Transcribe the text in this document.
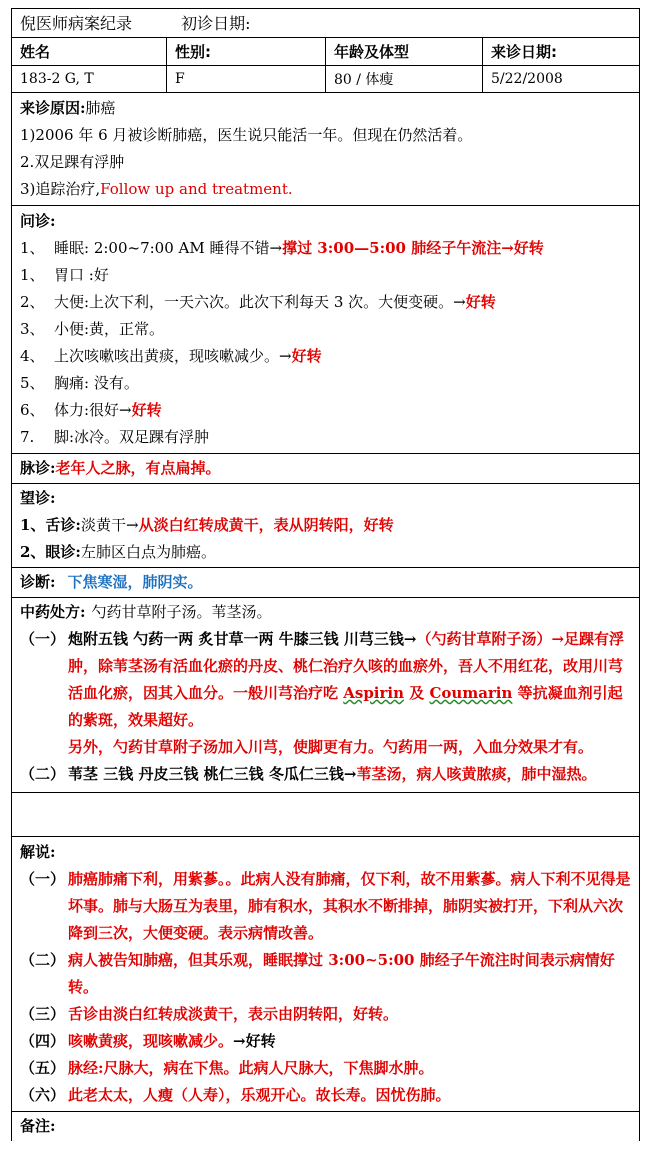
倪医师病案纪录	初诊日期:
姓名	性别:	年龄及体型	来诊日期:
183-2 G, T	F	80 / 体瘦	5/22/2008
来诊原因:肺癌
1)2006 年 6 月被诊断肺癌，医生说只能活一年。但现在仍然活着。
2.双足踝有浮肿
3)追踪治疗,Follow up and treatment.
问诊:
1、 睡眠: 2:00~7:00 AM 睡得不错→撑过 3:00—5:00 肺经子午流注→好转
1、 胃口 :好
2、 大便:上次下利，一天六次。此次下利每天 3 次。大便变硬。→好转
3、 小便:黄，正常。
4、 上次咳嗽咳出黄痰，现咳嗽减少。→好转
5、 胸痛: 没有。
6、 体力:很好→好转
7. 脚:冰冷。双足踝有浮肿
脉诊:老年人之脉，有点扁掉。
望诊:
1、舌诊:淡黄干→从淡白红转成黄干，表从阴转阳，好转
2、眼诊:左肺区白点为肺癌。
诊断: 下焦寒湿，肺阴实。
中药处方: 勺药甘草附子汤。苇茎汤。
（一） 炮附五钱 勺药一两 炙甘草一两 牛膝三钱 川芎三钱→（勺药甘草附子汤）→足踝有浮肿，除苇茎汤有活血化瘀的丹皮、桃仁治疗久咳的血瘀外，吾人不用红花，改用川芎活血化瘀，因其入血分。一般川芎治疗吃 Aspirin 及 Coumarin 等抗凝血剂引起的紫斑，效果超好。
另外，勺药甘草附子汤加入川芎，使脚更有力。勺药用一两，入血分效果才有。
（二） 苇茎 三钱 丹皮三钱 桃仁三钱 冬瓜仁三钱→苇茎汤，病人咳黄脓痰，肺中湿热。
解说:
（一） 肺癌肺痛下利，用紫蔘。。此病人没有肺痛，仅下利，故不用紫蔘。病人下利不见得是坏事。肺与大肠互为表里，肺有积水，其积水不断排掉，肺阴实被打开，下利从六次降到三次，大便变硬。表示病情改善。
（二） 病人被告知肺癌，但其乐观，睡眠撑过 3:00~5:00 肺经子午流注时间表示病情好转。
（三） 舌诊由淡白红转成淡黄干，表示由阴转阳，好转。
（四） 咳嗽黄痰，现咳嗽减少。→好转
（五） 脉经:尺脉大，病在下焦。此病人尺脉大，下焦脚水肿。
（六） 此老太太，人瘦（人寿），乐观开心。故长寿。因忧伤肺。
备注:
